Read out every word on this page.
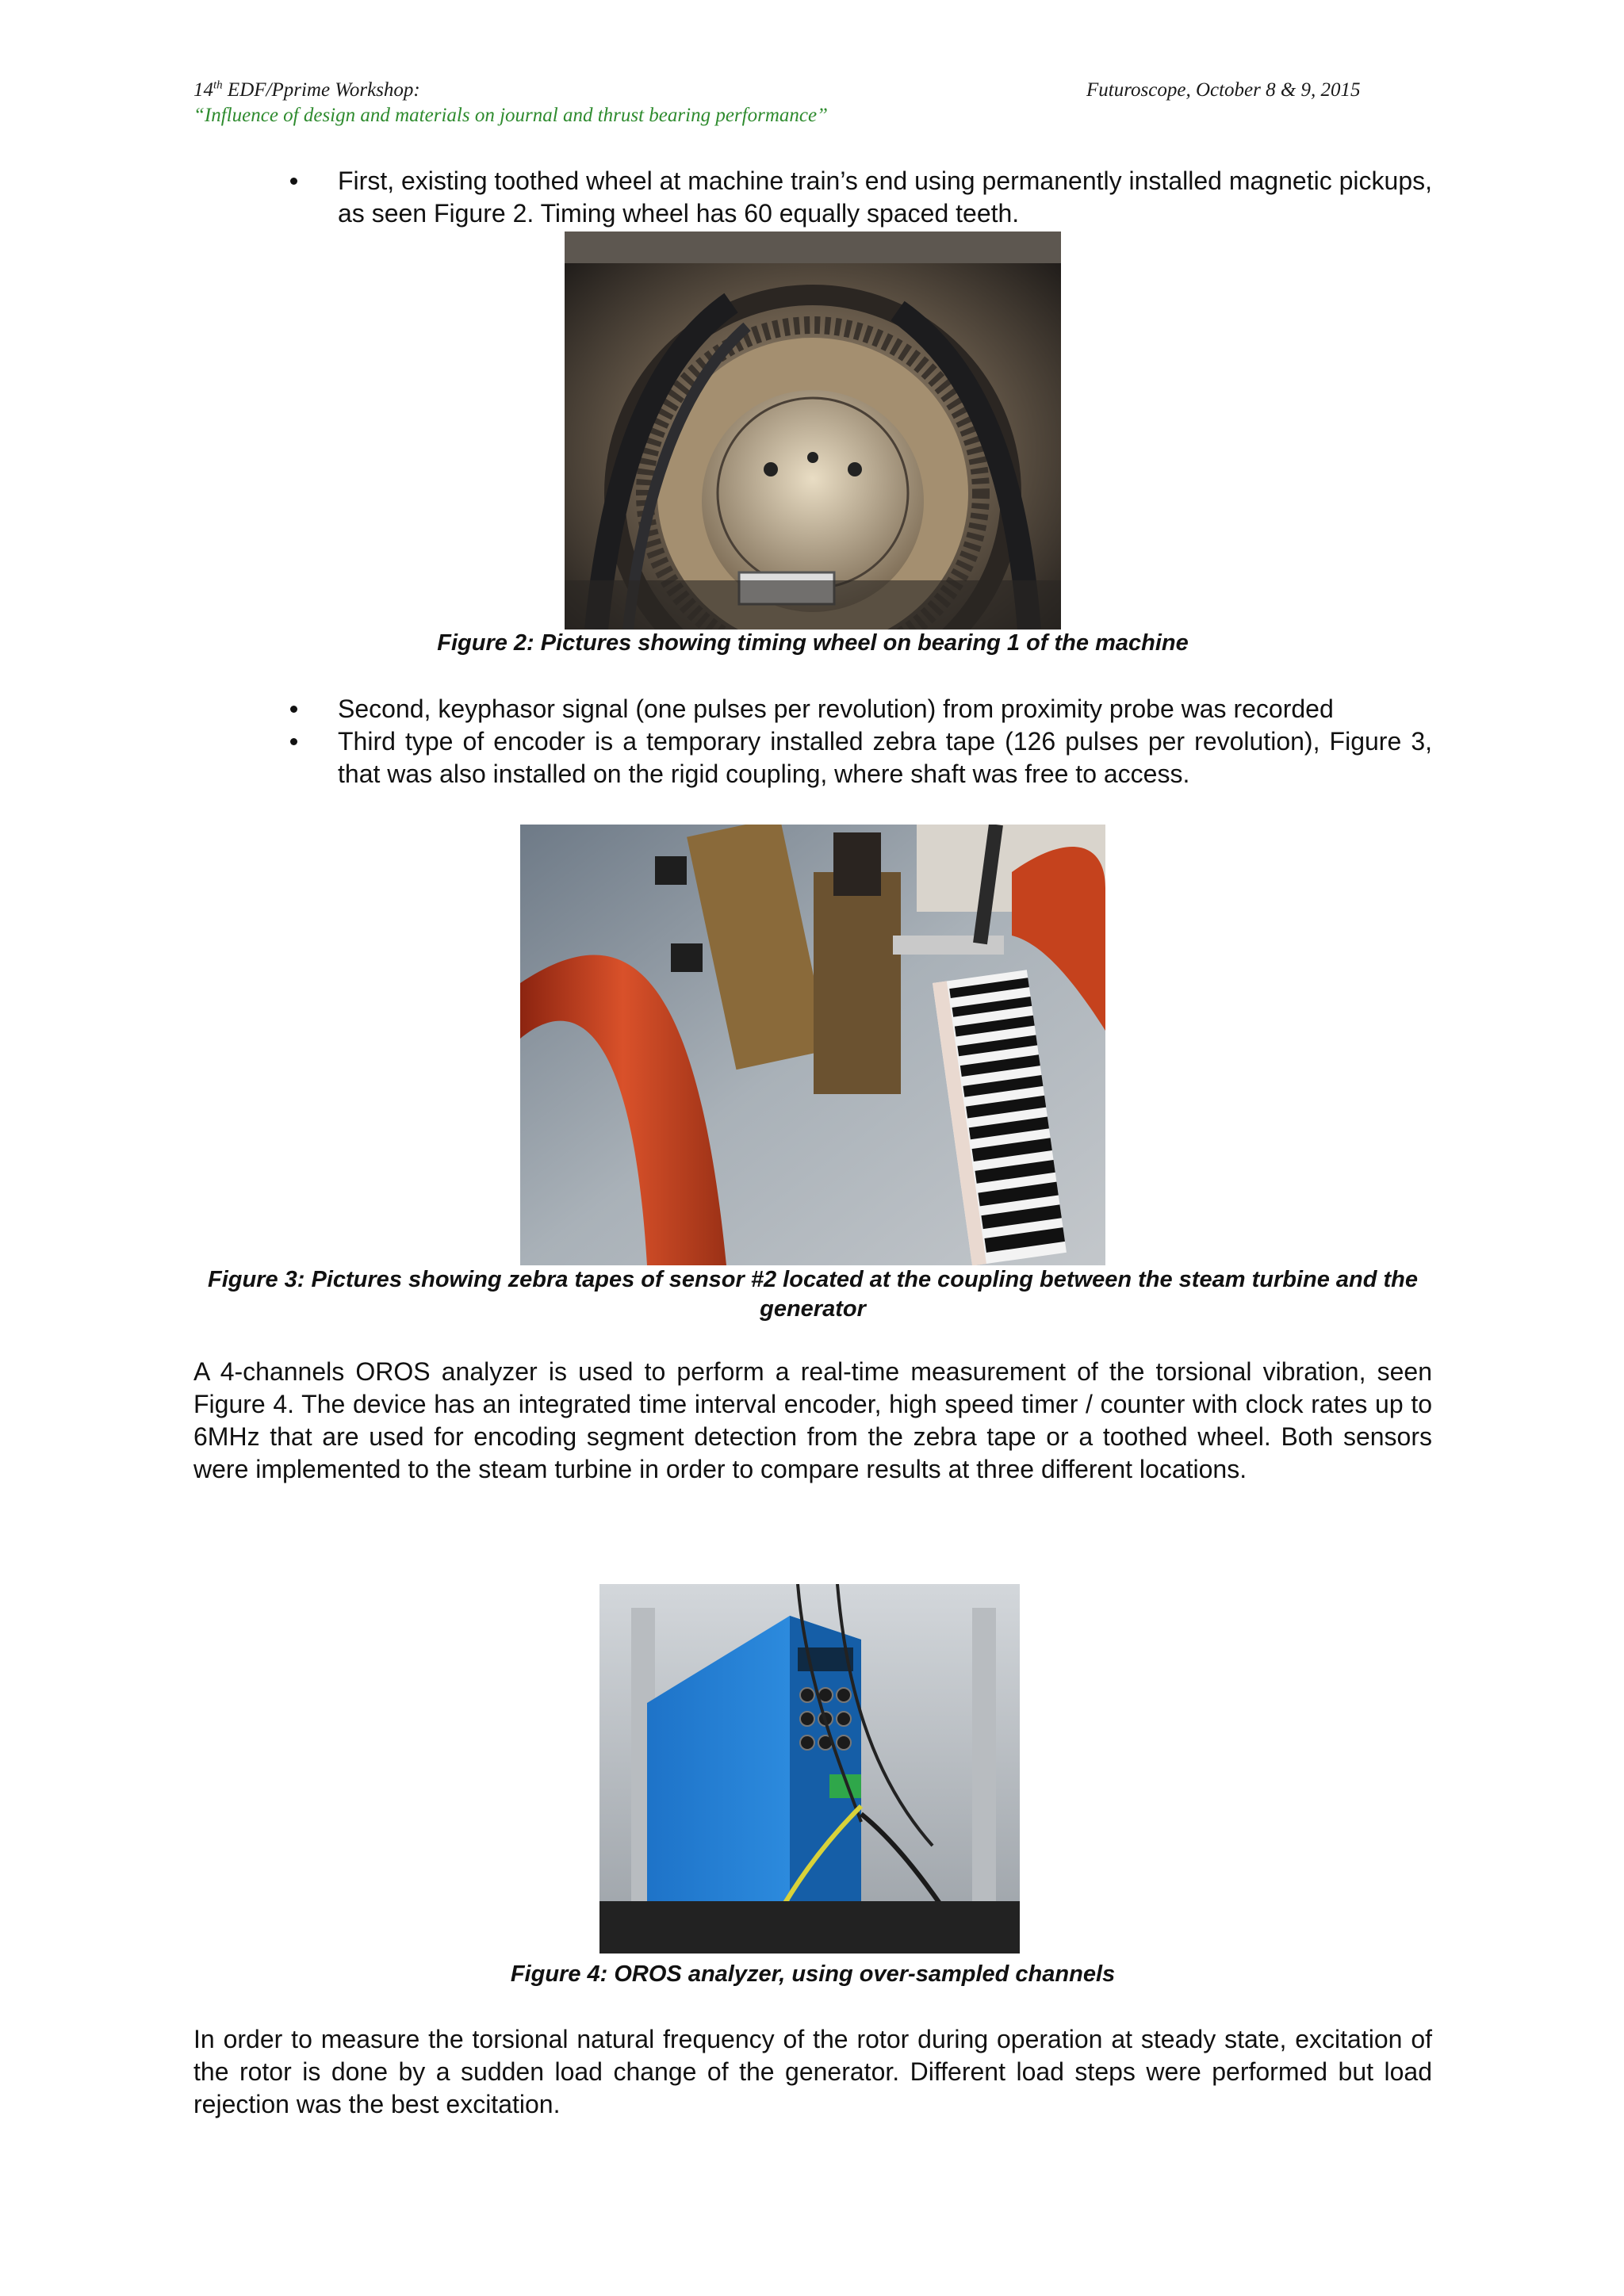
14th EDF/Pprime Workshop:	Futuroscope, October 8 & 9, 2015
“Influence of design and materials on journal and thrust bearing performance”

First, existing toothed wheel at machine train’s end using permanently installed magnetic pickups, as seen Figure 2. Timing wheel has 60 equally spaced teeth.

Figure 2: Pictures showing timing wheel on bearing 1 of the machine

Second, keyphasor signal (one pulses per revolution) from proximity probe was recorded

Third type of encoder is a temporary installed zebra tape (126 pulses per revolution), Figure 3, that was also installed on the rigid coupling, where shaft was free to access.

Figure 3: Pictures showing zebra tapes of sensor #2 located at the coupling between the steam turbine and the generator

A 4-channels OROS analyzer is used to perform a real-time measurement of the torsional vibration, seen Figure 4. The device has an integrated time interval encoder, high speed timer / counter with clock rates up to 6MHz that are used for encoding segment detection from the zebra tape or a toothed wheel. Both sensors were implemented to the steam turbine in order to compare results at three different locations.

Figure 4: OROS analyzer, using over-sampled channels

In order to measure the torsional natural frequency of the rotor during operation at steady state, excitation of the rotor is done by a sudden load change of the generator. Different load steps were performed but load rejection was the best excitation.
